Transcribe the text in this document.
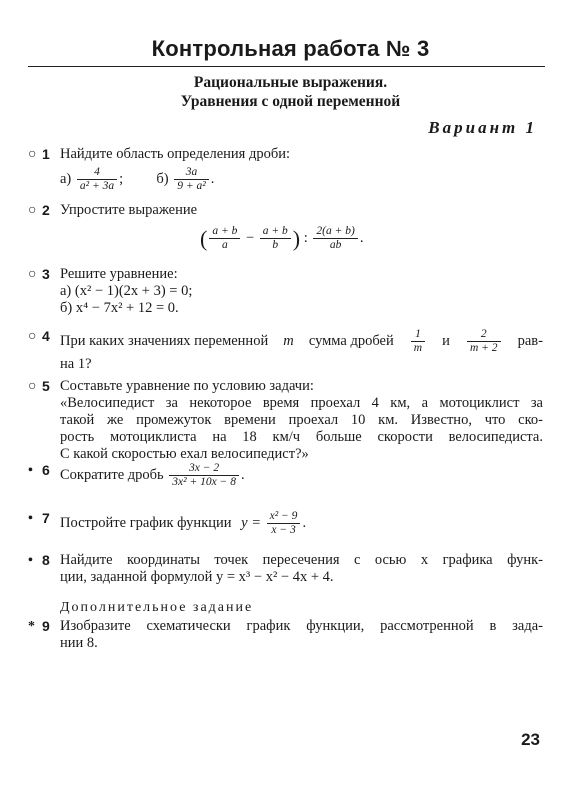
Контрольная работа № 3
Рациональные выражения.
Уравнения с одной переменной
Вариант 1
○ 1 Найдите область определения дроби:
$а) \frac{4}{\text{a² + 3a}}$ ; $б) \frac{3a}{\text{9 + a²}}$ .
○ 2 Упростите выражение
( $\frac{a + b}{a} - \frac{a + b}{b}$ ) : $\frac{2(a + b)}{ab}$ .
○ 3 Решите уравнение:
а) (x² − 1)(2x + 3) = 0;
б) x⁴ − 7x² + 12 = 0.
○ 4 При каких значениях переменной m сумма дробей $\frac{1}{m}$ и $\frac{2}{m + 2} рав-$
на 1?
○ 5 Составьте уравнение по условию задачи:
«Велосипедист за некоторое время проехал 4 км, а мотоциклист за
такой же промежуток времени проехал 10 км. Известно, что ско-
рость мотоциклиста на 18 км/ч больше скорости велосипедиста.
С какой скоростью ехал велосипедист?»
• 6 Сократите дробь $\frac{3x - 2}{\text{3x² + 10x − 8}}$ .
• 7 Постройте график функции $y = \frac{\text{x² − 9}}{x - 3}$ .
• 8 Найдите координаты точек пересечения с осью x графика функ-
ции, заданной формулой y = x³ − x² − 4x + 4.
Дополнительное задание
* 9 Изобразите схематически график функции, рассмотренной в зада-
нии 8.
23
